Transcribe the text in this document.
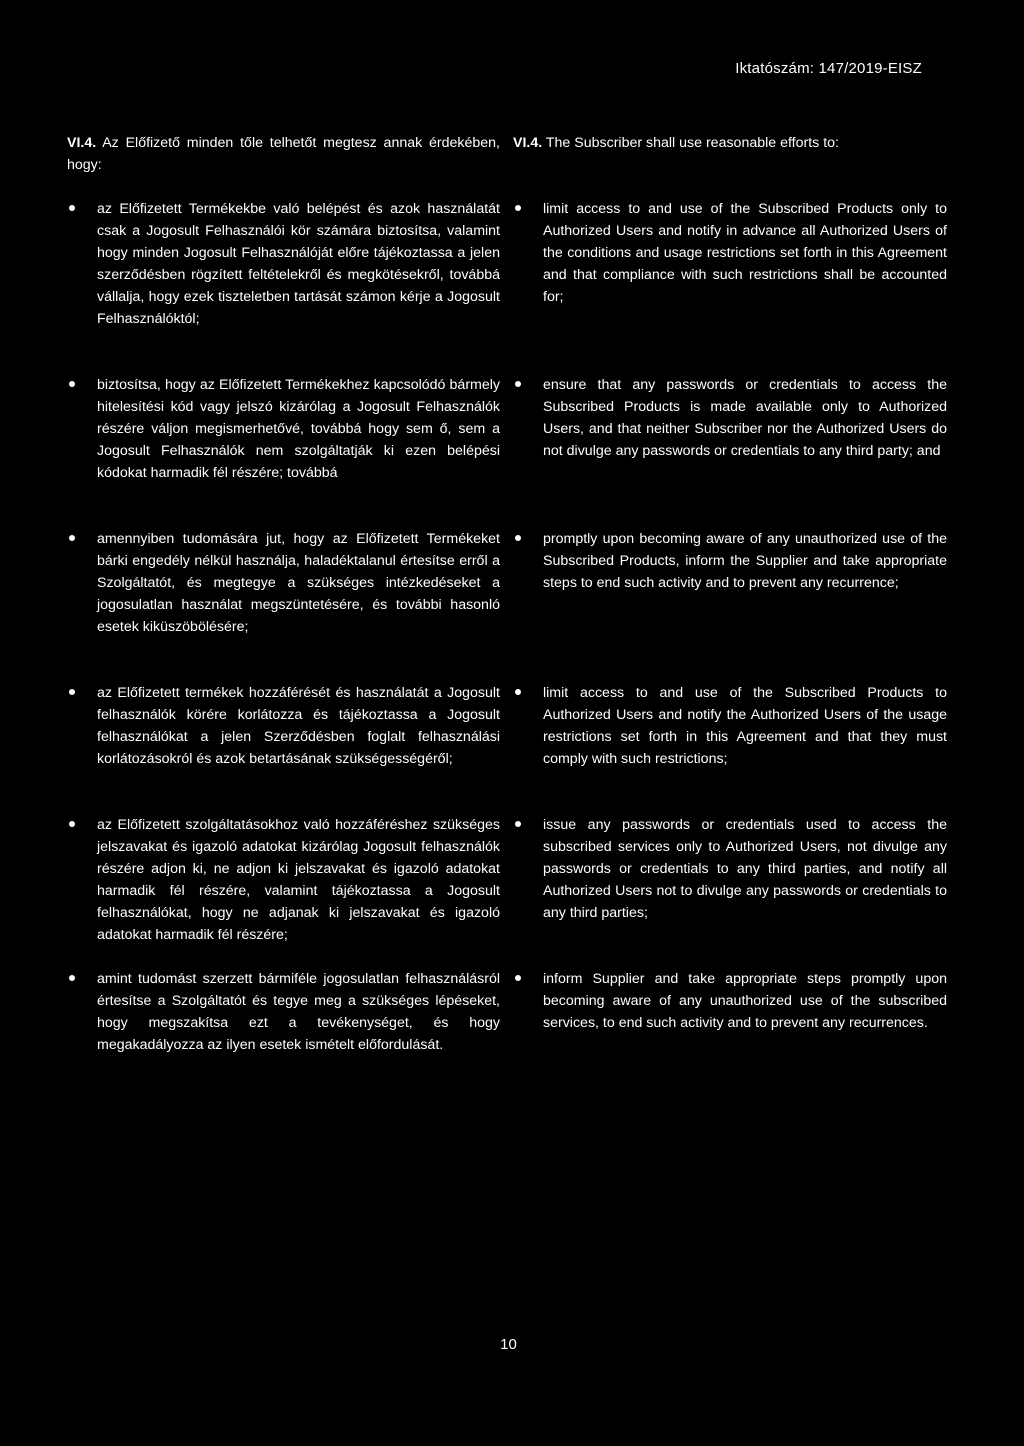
Iktatószám: 147/2019-EISZ

VI.4. Az Előfizető minden tőle telhetőt megtesz annak érdekében, hogy:

az Előfizetett Termékekbe való belépést és azok használatát csak a Jogosult Felhasználói kör számára biztosítsa, valamint hogy minden Jogosult Felhasználóját előre tájékoztassa a jelen szerződésben rögzített feltételekről és megkötésekről, továbbá vállalja, hogy ezek tiszteletben tartását számon kérje a Jogosult Felhasználóktól;
biztosítsa, hogy az Előfizetett Termékekhez kapcsolódó bármely hitelesítési kód vagy jelszó kizárólag a Jogosult Felhasználók részére váljon megismerhetővé, továbbá hogy sem ő, sem a Jogosult Felhasználók nem szolgáltatják ki ezen belépési kódokat harmadik fél részére; továbbá
amennyiben tudomására jut, hogy az Előfizetett Termékeket bárki engedély nélkül használja, haladéktalanul értesítse erről a Szolgáltatót, és megtegye a szükséges intézkedéseket a jogosulatlan használat megszüntetésére, és további hasonló esetek kiküszöbölésére;
az Előfizetett termékek hozzáférését és használatát a Jogosult felhasználók körére korlátozza és tájékoztassa a Jogosult felhasználókat a jelen Szerződésben foglalt felhasználási korlátozásokról és azok betartásának szükségességéről;
az Előfizetett szolgáltatásokhoz való hozzáféréshez szükséges jelszavakat és igazoló adatokat kizárólag Jogosult felhasználók részére adjon ki, ne adjon ki jelszavakat és igazoló adatokat harmadik fél részére, valamint tájékoztassa a Jogosult felhasználókat, hogy ne adjanak ki jelszavakat és igazoló adatokat harmadik fél részére;
amint tudomást szerzett bármiféle jogosulatlan felhasználásról értesítse a Szolgáltatót és tegye meg a szükséges lépéseket, hogy megszakítsa ezt a tevékenységet, és hogy megakadályozza az ilyen esetek ismételt előfordulását.

VI.4. The Subscriber shall use reasonable efforts to:

limit access to and use of the Subscribed Products only to Authorized Users and notify in advance all Authorized Users of the conditions and usage restrictions set forth in this Agreement and that compliance with such restrictions shall be accounted for;
ensure that any passwords or credentials to access the Subscribed Products is made available only to Authorized Users, and that neither Subscriber nor the Authorized Users do not divulge any passwords or credentials to any third party; and
promptly upon becoming aware of any unauthorized use of the Subscribed Products, inform the Supplier and take appropriate steps to end such activity and to prevent any recurrence;
limit access to and use of the Subscribed Products to Authorized Users and notify the Authorized Users of the usage restrictions set forth in this Agreement and that they must comply with such restrictions;
issue any passwords or credentials used to access the subscribed services only to Authorized Users, not divulge any passwords or credentials to any third parties, and notify all Authorized Users not to divulge any passwords or credentials to any third parties;
inform Supplier and take appropriate steps promptly upon becoming aware of any unauthorized use of the subscribed services, to end such activity and to prevent any recurrences.
10
